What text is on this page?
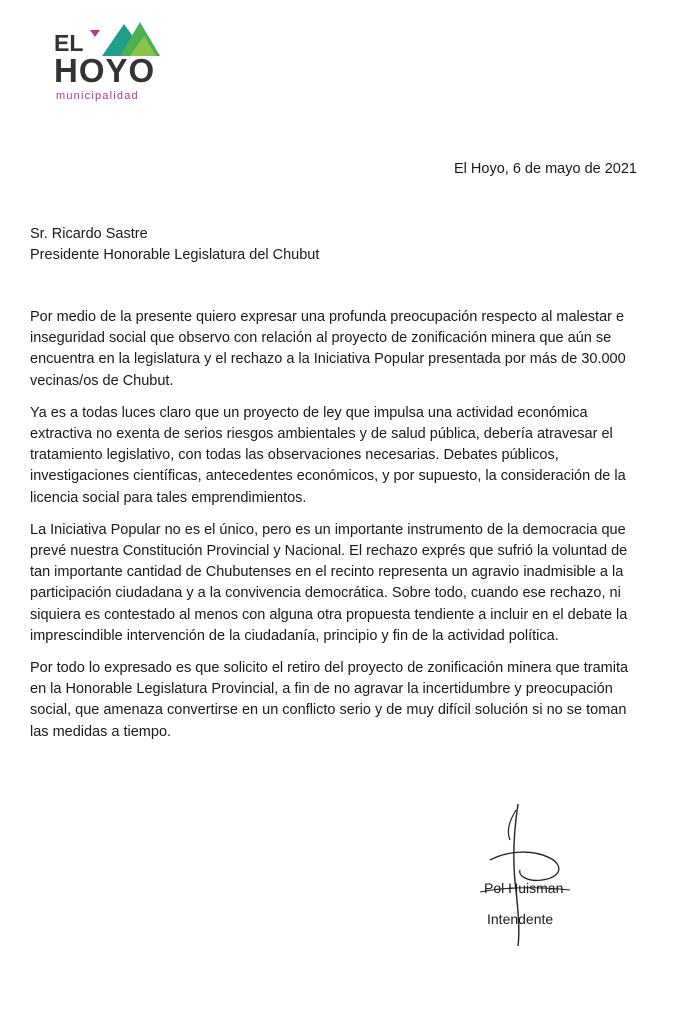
EL
HOYO
municipalidad
El Hoyo, 6 de mayo de 2021
Sr. Ricardo Sastre
Presidente Honorable Legislatura del Chubut

Por medio de la presente quiero expresar una profunda preocupación respecto al malestar e inseguridad social que observo con relación al proyecto de zonificación minera que aún se encuentra en la legislatura y el rechazo a la Iniciativa Popular presentada por más de 30.000 vecinas/os de Chubut.

Ya es a todas luces claro que un proyecto de ley que impulsa una actividad económica extractiva no exenta de serios riesgos ambientales y de salud pública, debería atravesar el tratamiento legislativo, con todas las observaciones necesarias. Debates públicos, investigaciones científicas, antecedentes económicos, y por supuesto, la consideración de la licencia social para tales emprendimientos.

La Iniciativa Popular no es el único, pero es un importante instrumento de la democracia que prevé nuestra Constitución Provincial y Nacional. El rechazo exprés que sufrió la voluntad de tan importante cantidad de Chubutenses en el recinto representa un agravio inadmisible a la participación ciudadana y a la convivencia democrática. Sobre todo, cuando ese rechazo, ni siquiera es contestado al menos con alguna otra propuesta tendiente a incluir en el debate la imprescindible intervención de la ciudadanía, principio y fin de la actividad política.

Por todo lo expresado es que solicito el retiro del proyecto de zonificación minera que tramita en la Honorable Legislatura Provincial, a fin de no agravar la incertidumbre y preocupación social, que amenaza convertirse en un conflicto serio y de muy difícil solución si no se toman las medidas a tiempo.

Pol Huisman
Intendente
